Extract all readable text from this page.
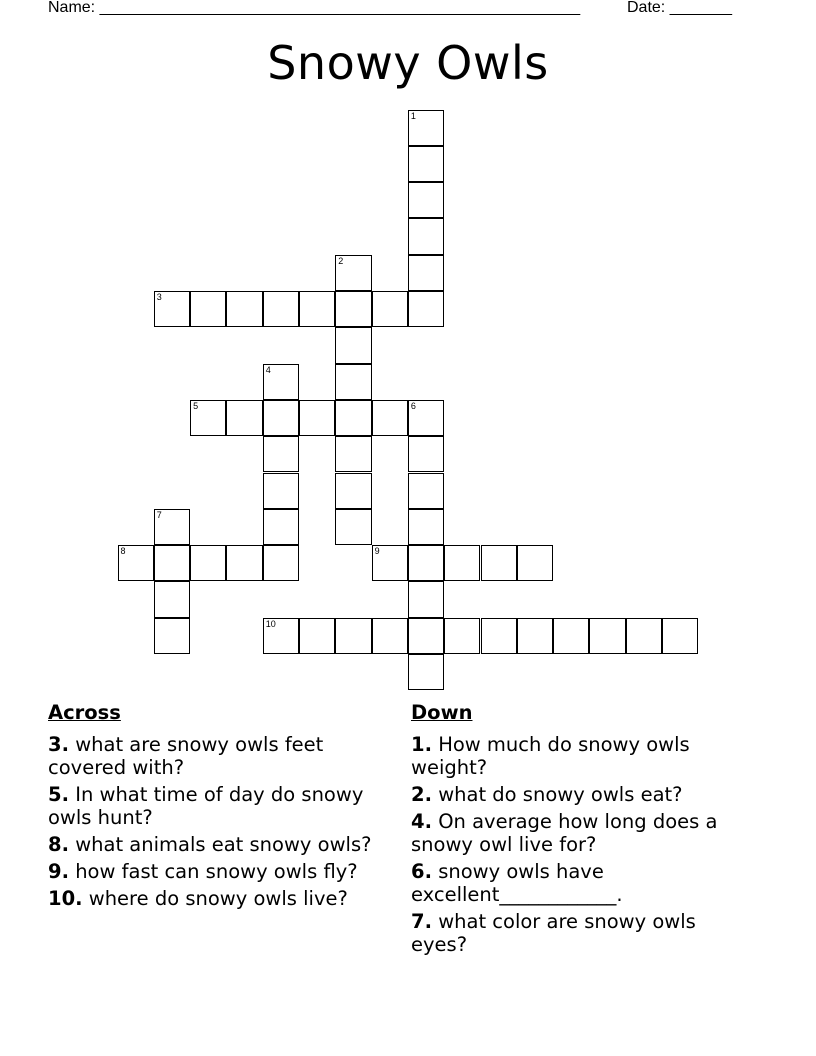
Name: ______________________________________________________	Date: _______
Snowy Owls
1
2
3
4
5	6
7
8	9
10
Across
3. what are snowy owls feet covered with?
5. In what time of day do snowy owls hunt?
8. what animals eat snowy owls?
9. how fast can snowy owls fly?
10. where do snowy owls live?
Down
1. How much do snowy owls weight?
2. what do snowy owls eat?
4. On average how long does a snowy owl live for?
6. snowy owls have excellent____________.
7. what color are snowy owls eyes?
